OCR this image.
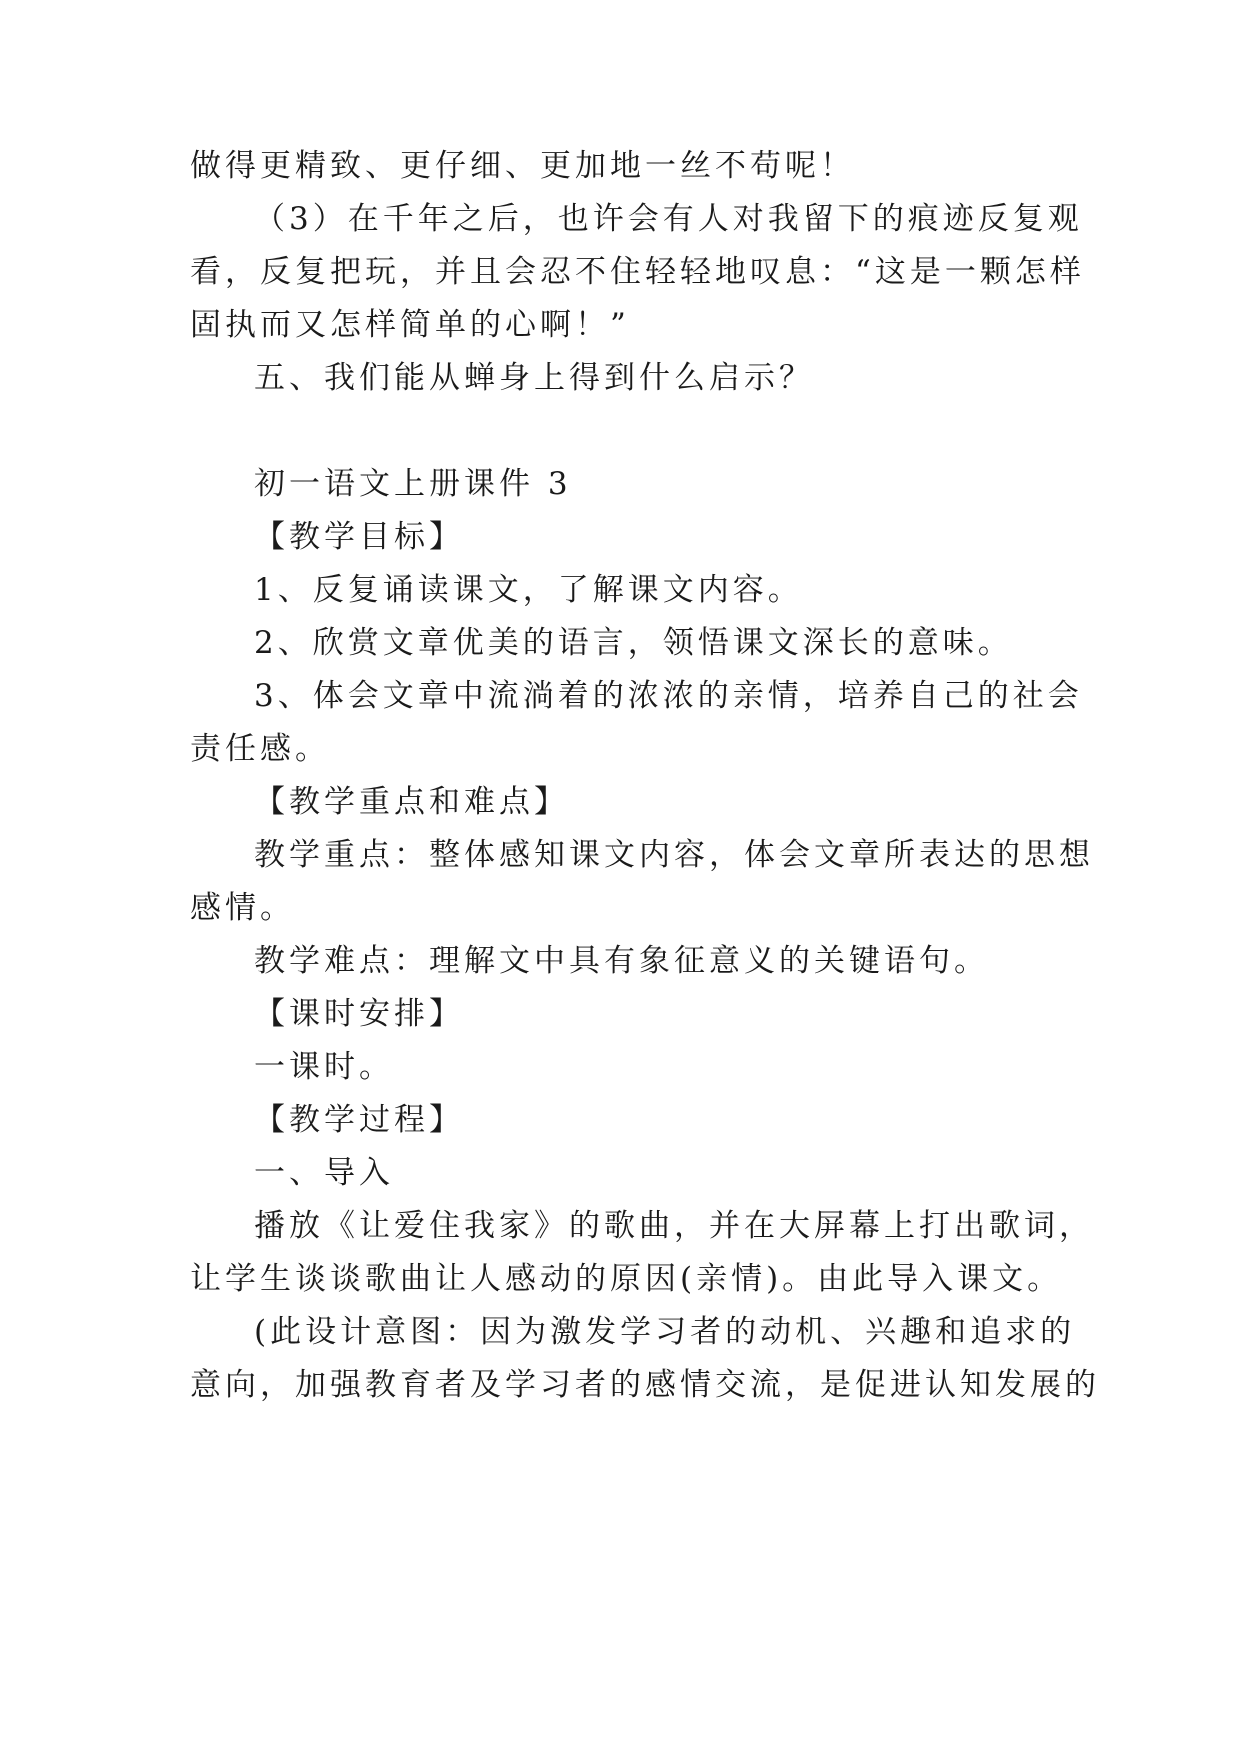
做得更精致、更仔细、更加地一丝不苟呢！
（3）在千年之后，也许会有人对我留下的痕迹反复观
看，反复把玩，并且会忍不住轻轻地叹息：“这是一颗怎样
固执而又怎样简单的心啊！”
五、我们能从蝉身上得到什么启示？
初一语文上册课件 3
【教学目标】
1、反复诵读课文，了解课文内容。
2、欣赏文章优美的语言，领悟课文深长的意味。
3、体会文章中流淌着的浓浓的亲情，培养自己的社会
责任感。
【教学重点和难点】
教学重点：整体感知课文内容，体会文章所表达的思想
感情。
教学难点：理解文中具有象征意义的关键语句。
【课时安排】
一课时。
【教学过程】
一、导入
播放《让爱住我家》的歌曲，并在大屏幕上打出歌词，
让学生谈谈歌曲让人感动的原因(亲情)。由此导入课文。
(此设计意图：因为激发学习者的动机、兴趣和追求的
意向，加强教育者及学习者的感情交流，是促进认知发展的
